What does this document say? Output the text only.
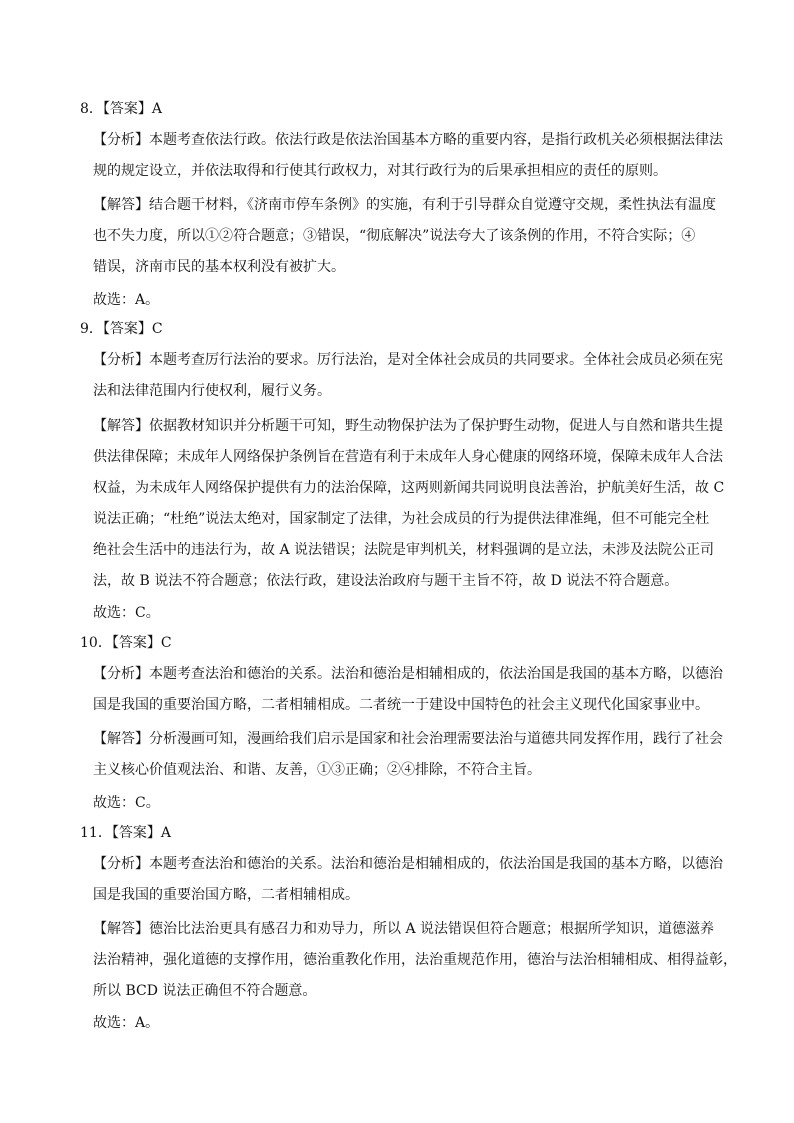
8．【答案】A
【分析】本题考查依法行政。依法行政是依法治国基本方略的重要内容，是指行政机关必须根据法律法
规的规定设立，并依法取得和行使其行政权力，对其行政行为的后果承担相应的责任的原则。
【解答】结合题干材料，《济南市停车条例》的实施，有利于引导群众自觉遵守交规，柔性执法有温度
也不失力度，所以①②符合题意；③错误，“彻底解决”说法夸大了该条例的作用，不符合实际；④
错误，济南市民的基本权利没有被扩大。
故选：A。
9．【答案】C
【分析】本题考查厉行法治的要求。厉行法治，是对全体社会成员的共同要求。全体社会成员必须在宪
法和法律范围内行使权利，履行义务。
【解答】依据教材知识并分析题干可知，野生动物保护法为了保护野生动物，促进人与自然和谐共生提
供法律保障；未成年人网络保护条例旨在营造有利于未成年人身心健康的网络环境，保障未成年人合法
权益，为未成年人网络保护提供有力的法治保障，这两则新闻共同说明良法善治，护航美好生活，故 C
说法正确；“杜绝”说法太绝对，国家制定了法律，为社会成员的行为提供法律准绳，但不可能完全杜
绝社会生活中的违法行为，故 A 说法错误；法院是审判机关，材料强调的是立法，未涉及法院公正司
法，故 B 说法不符合题意；依法行政，建设法治政府与题干主旨不符，故 D 说法不符合题意。
故选：C。
10．【答案】C
【分析】本题考查法治和德治的关系。法治和德治是相辅相成的，依法治国是我国的基本方略，以德治
国是我国的重要治国方略，二者相辅相成。二者统一于建设中国特色的社会主义现代化国家事业中。
【解答】分析漫画可知，漫画给我们启示是国家和社会治理需要法治与道德共同发挥作用，践行了社会
主义核心价值观法治、和谐、友善，①③正确；②④排除，不符合主旨。
故选：C。
11．【答案】A
【分析】本题考查法治和德治的关系。法治和德治是相辅相成的，依法治国是我国的基本方略，以德治
国是我国的重要治国方略，二者相辅相成。
【解答】德治比法治更具有感召力和劝导力，所以 A 说法错误但符合题意；根据所学知识，道德滋养
法治精神，强化道德的支撑作用，德治重教化作用，法治重规范作用，德治与法治相辅相成、相得益彰，
所以 BCD 说法正确但不符合题意。
故选：A。
